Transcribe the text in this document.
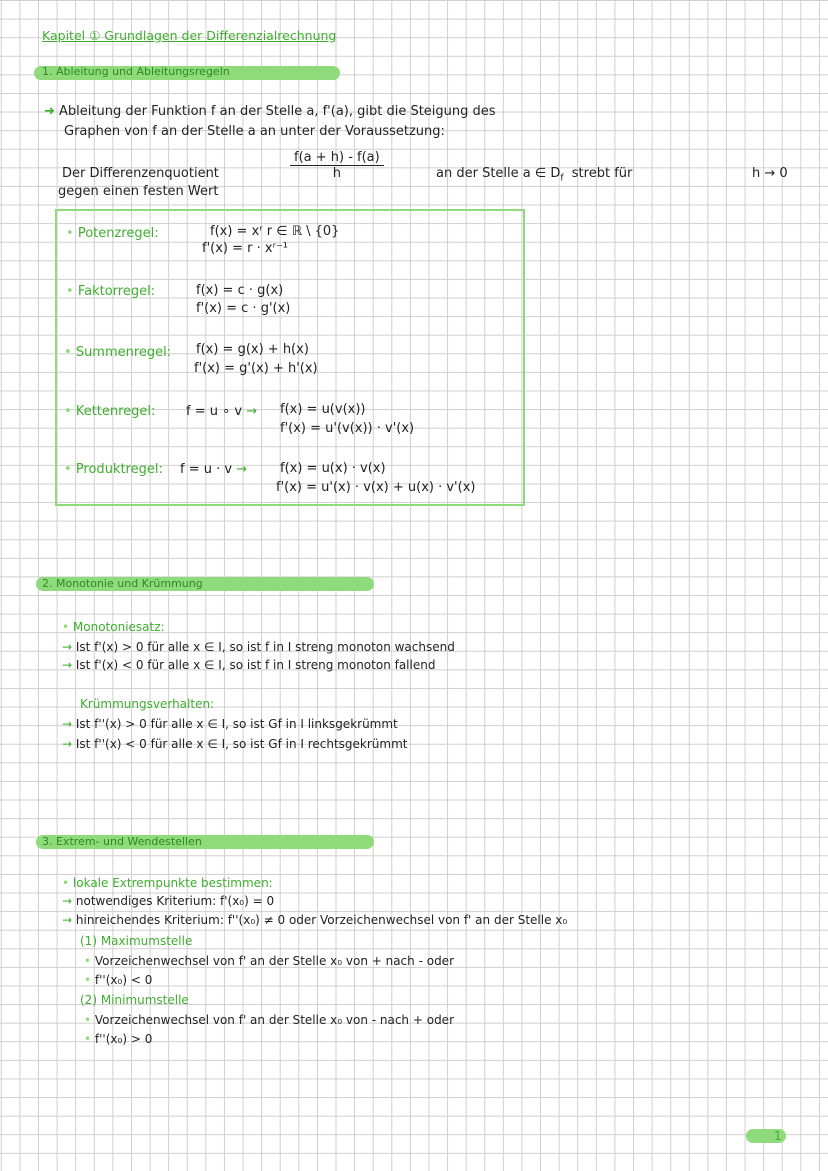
Kapitel ① Grundlagen der Differenzialrechnung
1. Ableitung und Ableitungsregeln
➜ Ableitung der Funktion f an der Stelle a, f'(a), gibt die Steigung des
Graphen von f an der Stelle a an unter der Voraussetzung:
Der Differenzenquotient	$\frac{f(a + h) - f(a)}{h}$	an der Stelle a ∈ $D_f$ strebt für	h → 0
gegen einen festen Wert
• Potenzregel:	f(x) = xʳ r ∈ ℝ \ {0}
f'(x) = r · xʳ⁻¹
• Faktorregel:	f(x) = c · g(x)
f'(x) = c · g'(x)
• Summenregel: f(x) = g(x) + h(x)
f'(x) = g'(x) + h'(x)
• Kettenregel: f = u ∘ v → f(x) = u(v(x))
f'(x) = u'(v(x)) · v'(x)
• Produktregel: f = u · v →	f(x) = u(x) · v(x)
f'(x) = u'(x) · v(x) + u(x) · v'(x)
2. Monotonie und Krümmung
• Monotoniesatz:
→ Ist f'(x) > 0 für alle x ∈ I, so ist f in I streng monoton wachsend
→ Ist f'(x) < 0 für alle x ∈ I, so ist f in I streng monoton fallend
Krümmungsverhalten:
→ Ist f''(x) > 0 für alle x ∈ I, so ist Gf in I linksgekrümmt
→ Ist f''(x) < 0 für alle x ∈ I, so ist Gf in I rechtsgekrümmt
3. Extrem- und Wendestellen
• lokale Extrempunkte bestimmen:
→ notwendiges Kriterium: f'(x₀) = 0
→ hinreichendes Kriterium: f''(x₀) ≠ 0 oder Vorzeichenwechsel von f' an der Stelle x₀
(1) Maximumstelle
• Vorzeichenwechsel von f' an der Stelle x₀ von + nach - oder
• f''(x₀) < 0
(2) Minimumstelle
• Vorzeichenwechsel von f' an der Stelle x₀ von - nach + oder
• f''(x₀) > 0
1
